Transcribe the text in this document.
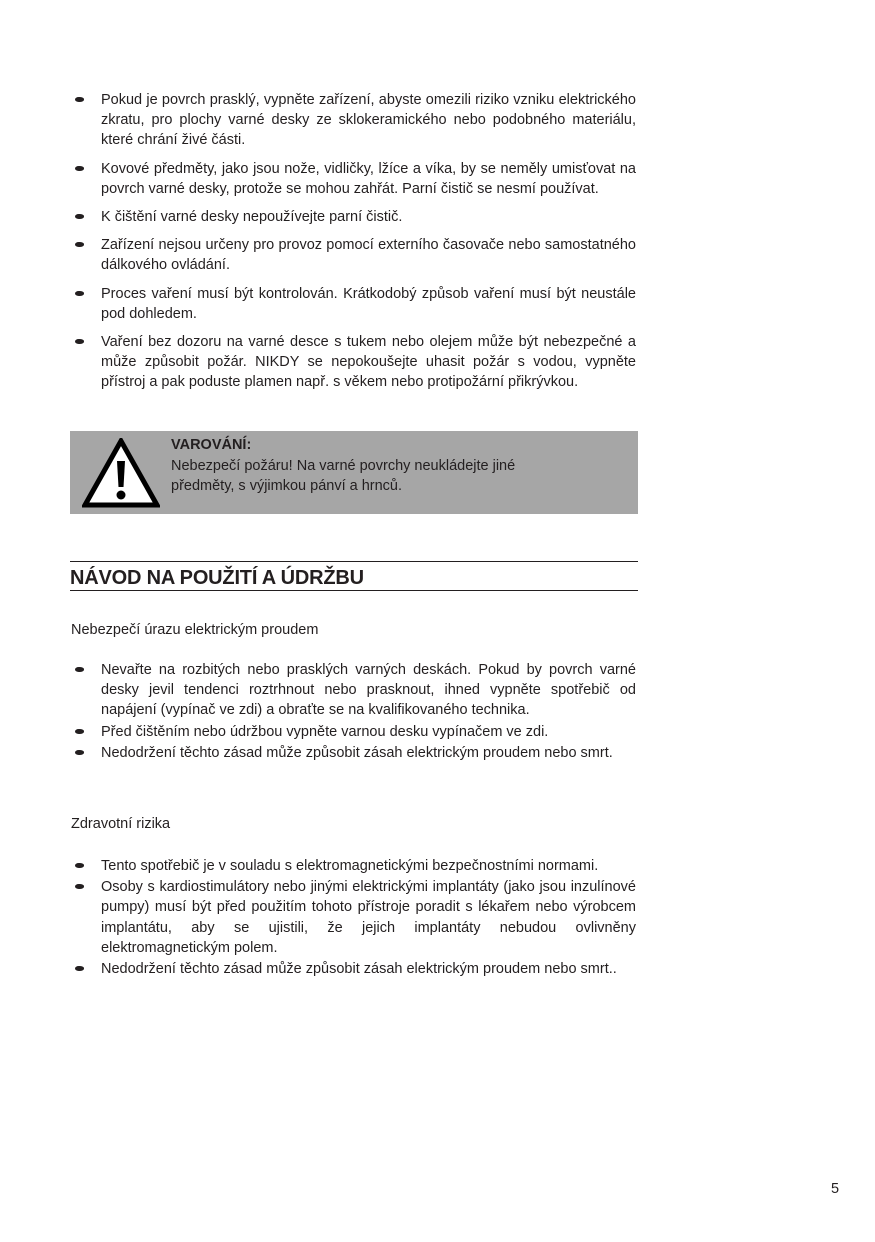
Pokud je povrch prasklý, vypněte zařízení, abyste omezili riziko vzniku elektrického zkratu, pro plochy varné desky ze sklokeramického nebo podobného materiálu, které chrání živé části.
Kovové předměty, jako jsou nože, vidličky, lžíce a víka, by se neměly umisťovat na povrch varné desky, protože se mohou zahřát. Parní čistič se nesmí používat.
K čištění varné desky nepoužívejte parní čistič.
Zařízení nejsou určeny pro provoz pomocí externího časovače nebo samostatného dálkového ovládání.
Proces vaření musí být kontrolován. Krátkodobý způsob vaření musí být neustále pod dohledem.
Vaření bez dozoru na varné desce s tukem nebo olejem může být nebezpečné a může způsobit požár. NIKDY se nepokoušejte uhasit požár s vodou, vypněte přístroj a pak poduste plamen např. s věkem nebo protipožární přikrývkou.
VAROVÁNÍ:
Nebezpečí požáru! Na varné povrchy neukládejte jiné
předměty, s výjimkou pánví a hrnců.
NÁVOD NA POUŽITÍ A ÚDRŽBU
Nebezpečí úrazu elektrickým proudem
Nevařte na rozbitých nebo prasklých varných deskách. Pokud by povrch varné desky jevil tendenci roztrhnout nebo prasknout, ihned vypněte spotřebič od napájení (vypínač ve zdi) a obraťte se na kvalifikovaného technika.
Před čištěním nebo údržbou vypněte varnou desku vypínačem ve zdi.
Nedodržení těchto zásad může způsobit zásah elektrickým proudem nebo smrt.
Zdravotní rizika
Tento spotřebič je v souladu s elektromagnetickými bezpečnostními normami.
Osoby s kardiostimulátory nebo jinými elektrickými implantáty (jako jsou inzulínové pumpy) musí být před použitím tohoto přístroje poradit s lékařem nebo výrobcem implantátu, aby se ujistili, že jejich implantáty nebudou ovlivněny elektromagnetickým polem.
Nedodržení těchto zásad může způsobit zásah elektrickým proudem nebo smrt..
5
